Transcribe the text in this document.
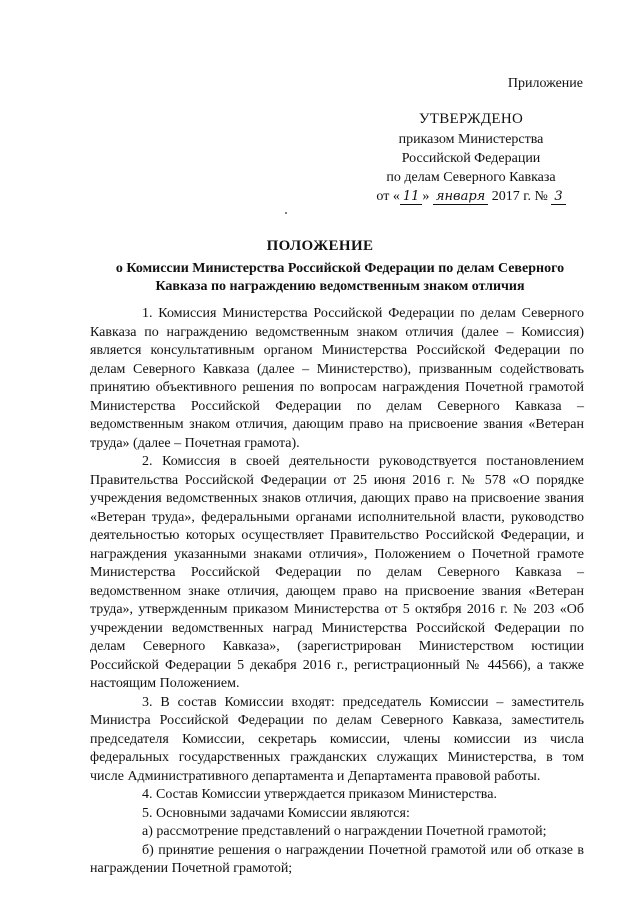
Приложение
УТВЕРЖДЕНО
приказом Министерства
Российской Федерации
по делам Северного Кавказа
от « 11 » января 2017 г. № 3
ПОЛОЖЕНИЕ
о Комиссии Министерства Российской Федерации по делам Северного Кавказа по награждению ведомственным знаком отличия

1. Комиссия Министерства Российской Федерации по делам Северного Кавказа по награждению ведомственным знаком отличия (далее – Комиссия) является консультативным органом Министерства Российской Федерации по делам Северного Кавказа (далее – Министерство), призванным содействовать принятию объективного решения по вопросам награждения Почетной грамотой Министерства Российской Федерации по делам Северного Кавказа – ведомственным знаком отличия, дающим право на присвоение звания «Ветеран труда» (далее – Почетная грамота).

2. Комиссия в своей деятельности руководствуется постановлением Правительства Российской Федерации от 25 июня 2016 г. № 578 «О порядке учреждения ведомственных знаков отличия, дающих право на присвоение звания «Ветеран труда», федеральными органами исполнительной власти, руководство деятельностью которых осуществляет Правительство Российской Федерации, и награждения указанными знаками отличия», Положением о Почетной грамоте Министерства Российской Федерации по делам Северного Кавказа – ведомственном знаке отличия, дающем право на присвоение звания «Ветеран труда», утвержденным приказом Министерства от 5 октября 2016 г. № 203 «Об учреждении ведомственных наград Министерства Российской Федерации по делам Северного Кавказа», (зарегистрирован Министерством юстиции Российской Федерации 5 декабря 2016 г., регистрационный № 44566), а также настоящим Положением.

3. В состав Комиссии входят: председатель Комиссии – заместитель Министра Российской Федерации по делам Северного Кавказа, заместитель председателя Комиссии, секретарь комиссии, члены комиссии из числа федеральных государственных гражданских служащих Министерства, в том числе Административного департамента и Департамента правовой работы.

4. Состав Комиссии утверждается приказом Министерства.

5. Основными задачами Комиссии являются:

а) рассмотрение представлений о награждении Почетной грамотой;

б) принятие решения о награждении Почетной грамотой или об отказе в награждении Почетной грамотой;
